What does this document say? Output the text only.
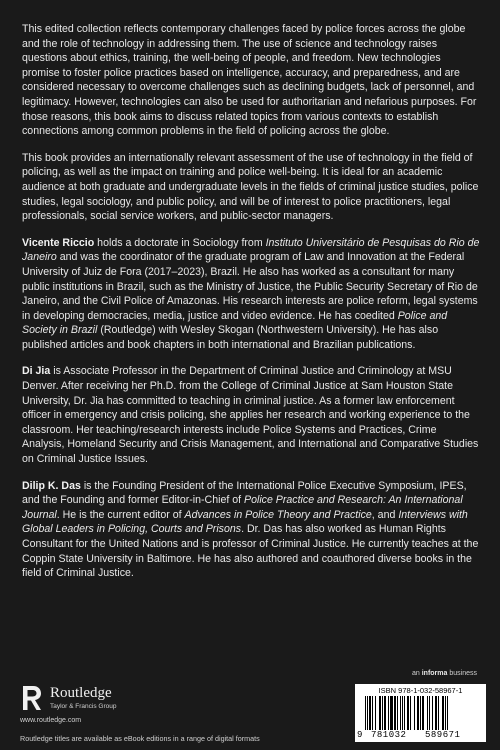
This edited collection reflects contemporary challenges faced by police forces across the globe and the role of technology in addressing them. The use of science and technology raises questions about ethics, training, the well-being of people, and freedom. New technologies promise to foster police practices based on intelligence, accuracy, and preparedness, and are considered necessary to overcome challenges such as declining budgets, lack of personnel, and legitimacy. However, technologies can also be used for authoritarian and nefarious purposes. For those reasons, this book aims to discuss related topics from various contexts to establish connections among common problems in the field of policing across the globe.

This book provides an internationally relevant assessment of the use of technology in the field of policing, as well as the impact on training and police well-being. It is ideal for an academic audience at both graduate and undergraduate levels in the fields of criminal justice studies, police studies, legal sociology, and public policy, and will be of interest to police practitioners, legal professionals, social service workers, and public-sector managers.

Vicente Riccio holds a doctorate in Sociology from Instituto Universitário de Pesquisas do Rio de Janeiro and was the coordinator of the graduate program of Law and Innovation at the Federal University of Juiz de Fora (2017–2023), Brazil. He also has worked as a consultant for many public institutions in Brazil, such as the Ministry of Justice, the Public Security Secretary of Rio de Janeiro, and the Civil Police of Amazonas. His research interests are police reform, legal systems in developing democracies, media, justice and video evidence. He has coedited Police and Society in Brazil (Routledge) with Wesley Skogan (Northwestern University). He has also published articles and book chapters in both international and Brazilian publications.

Di Jia is Associate Professor in the Department of Criminal Justice and Criminology at MSU Denver. After receiving her Ph.D. from the College of Criminal Justice at Sam Houston State University, Dr. Jia has committed to teaching in criminal justice. As a former law enforcement officer in emergency and crisis policing, she applies her research and working experience to the classroom. Her teaching/research interests include Police Systems and Practices, Crime Analysis, Homeland Security and Crisis Management, and International and Comparative Studies on Criminal Justice Issues.

Dilip K. Das is the Founding President of the International Police Executive Symposium, IPES, and the Founding and former Editor-in-Chief of Police Practice and Research: An International Journal. He is the current editor of Advances in Police Theory and Practice, and Interviews with Global Leaders in Policing, Courts and Prisons. Dr. Das has also worked as Human Rights Consultant for the United Nations and is professor of Criminal Justice. He currently teaches at the Coppin State University in Baltimore. He has also authored and coauthored diverse books in the field of Criminal Justice.

an informa business
Routledge
Taylor & Francis Group
www.routledge.com
Routledge titles are available as eBook editions in a range of digital formats
ISBN 978-1-032-58967-1
9 781032 589671
